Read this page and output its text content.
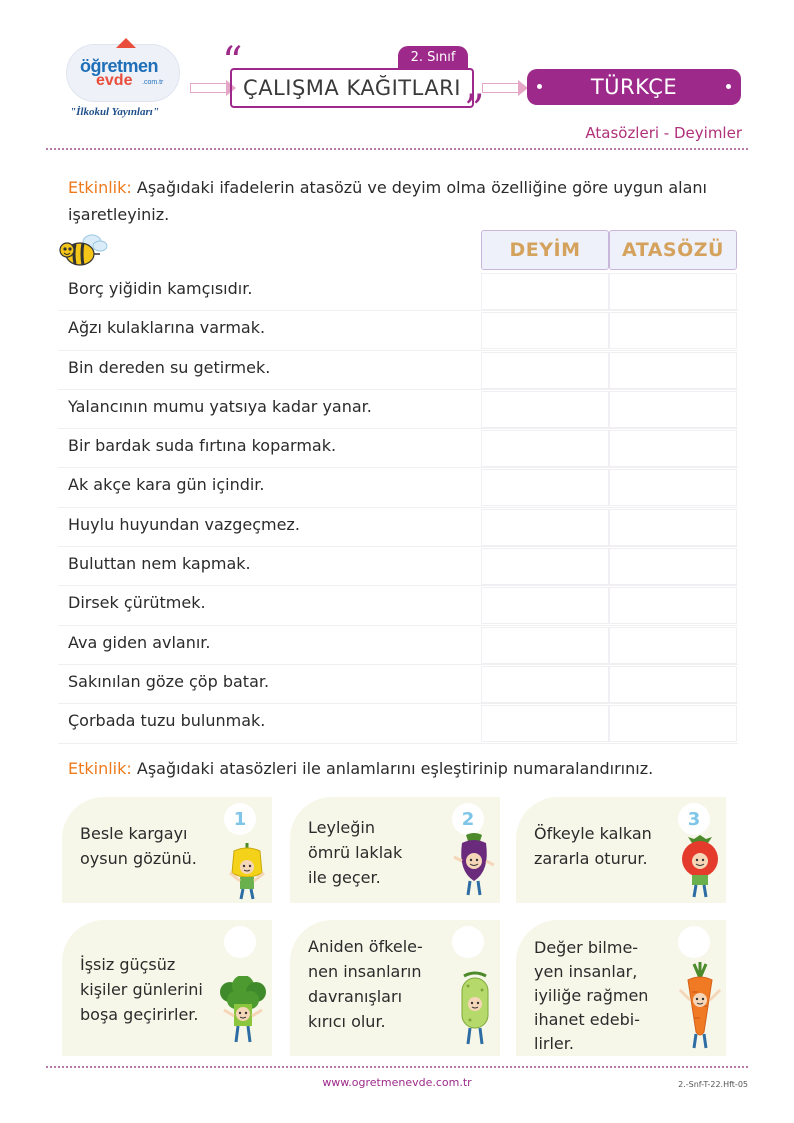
öğretmen
evde .com.tr
"İlkokul Yayınları"
“	2. Sınıf
ÇALIŞMA KAĞITLARI ”	TÜRKÇE
Atasözleri - Deyimler
Etkinlik: Aşağıdaki ifadelerin atasözü ve deyim olma özelliğine göre uygun alanı işaretleyiniz.
DEYİM	ATASÖZÜ
Borç yiğidin kamçısıdır.
Ağzı kulaklarına varmak.
Bin dereden su getirmek.
Yalancının mumu yatsıya kadar yanar.
Bir bardak suda fırtına koparmak.
Ak akçe kara gün içindir.
Huylu huyundan vazgeçmez.
Buluttan nem kapmak.
Dirsek çürütmek.
Ava giden avlanır.
Sakınılan göze çöp batar.
Çorbada tuzu bulunmak.
Etkinlik: Aşağıdaki atasözleri ile anlamlarını eşleştirinip numaralandırınız.
Besle kargayı
oysun gözünü.
1	Leyleğin
ömrü laklak
ile geçer.
2
Öfkeyle kalkan
zararla oturur.
3
İşsiz güçsüz
kişiler günlerini
boşa geçirirler.
Aniden öfkele-
nen insanların
davranışları
kırıcı olur.
Değer bilme-
yen insanlar,
iyiliğe rağmen
ihanet edebi-
lirler.
www.ogretmenevde.com.tr	2.-Snf-T-22.Hft-05
